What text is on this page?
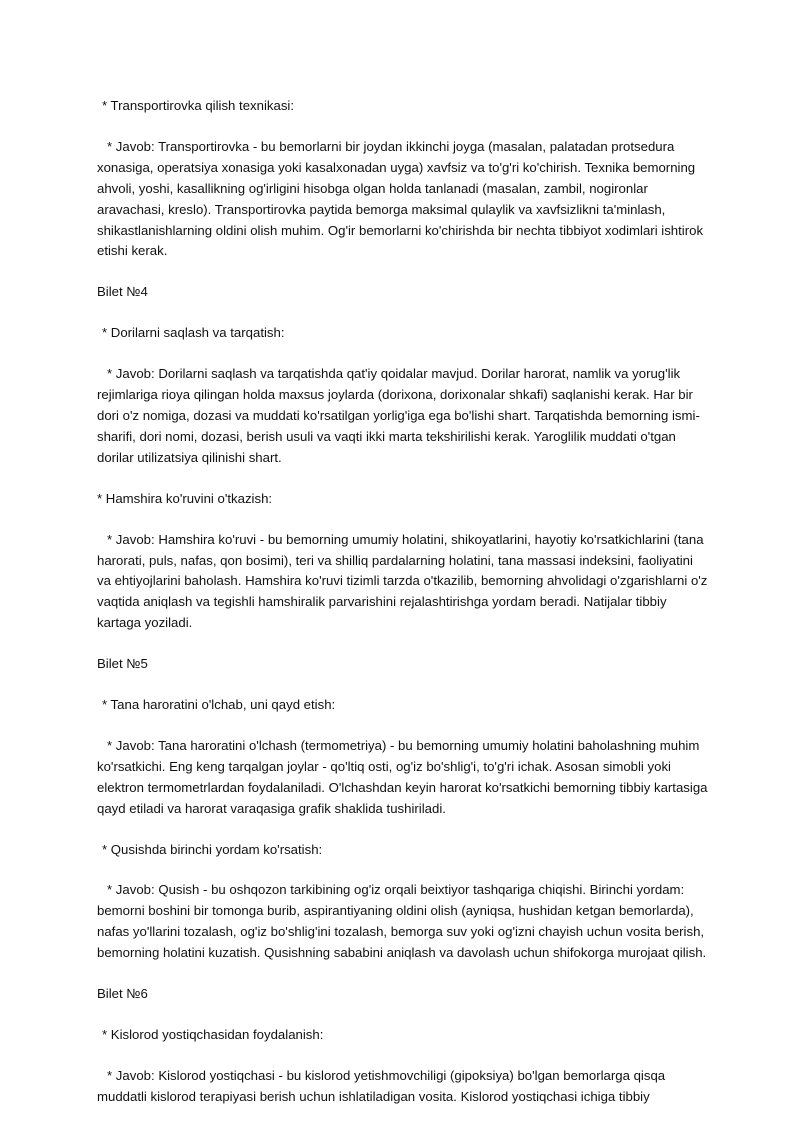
* Transportirovka qilish texnikasi:

* Javob: Transportirovka - bu bemorlarni bir joydan ikkinchi joyga (masalan, palatadan protsedura xonasiga, operatsiya xonasiga yoki kasalxonadan uyga) xavfsiz va to'g'ri ko'chirish. Texnika bemorning ahvoli, yoshi, kasallikning og'irligini hisobga olgan holda tanlanadi (masalan, zambil, nogironlar aravachasi, kreslo). Transportirovka paytida bemorga maksimal qulaylik va xavfsizlikni ta'minlash, shikastlanishlarning oldini olish muhim. Og'ir bemorlarni ko'chirishda bir nechta tibbiyot xodimlari ishtirok etishi kerak.

Bilet №4

* Dorilarni saqlash va tarqatish:

* Javob: Dorilarni saqlash va tarqatishda qat'iy qoidalar mavjud. Dorilar harorat, namlik va yorug'lik rejimlariga rioya qilingan holda maxsus joylarda (dorixona, dorixonalar shkafi) saqlanishi kerak. Har bir dori o'z nomiga, dozasi va muddati ko'rsatilgan yorlig'iga ega bo'lishi shart. Tarqatishda bemorning ismi-sharifi, dori nomi, dozasi, berish usuli va vaqti ikki marta tekshirilishi kerak. Yaroglilik muddati o'tgan dorilar utilizatsiya qilinishi shart.

* Hamshira ko'ruvini o'tkazish:

* Javob: Hamshira ko'ruvi - bu bemorning umumiy holatini, shikoyatlarini, hayotiy ko'rsatkichlarini (tana harorati, puls, nafas, qon bosimi), teri va shilliq pardalarning holatini, tana massasi indeksini, faoliyatini va ehtiyojlarini baholash. Hamshira ko'ruvi tizimli tarzda o'tkazilib, bemorning ahvolidagi o'zgarishlarni o'z vaqtida aniqlash va tegishli hamshiralik parvarishini rejalashtirishga yordam beradi. Natijalar tibbiy kartaga yoziladi.

Bilet №5

* Tana haroratini o'lchab, uni qayd etish:

* Javob: Tana haroratini o'lchash (termometriya) - bu bemorning umumiy holatini baholashning muhim ko'rsatkichi. Eng keng tarqalgan joylar - qo'ltiq osti, og'iz bo'shlig'i, to'g'ri ichak. Asosan simobli yoki elektron termometrlardan foydalaniladi. O'lchashdan keyin harorat ko'rsatkichi bemorning tibbiy kartasiga qayd etiladi va harorat varaqasiga grafik shaklida tushiriladi.

* Qusishda birinchi yordam ko'rsatish:

* Javob: Qusish - bu oshqozon tarkibining og'iz orqali beixtiyor tashqariga chiqishi. Birinchi yordam: bemorni boshini bir tomonga burib, aspirantiyaning oldini olish (ayniqsa, hushidan ketgan bemorlarda), nafas yo'llarini tozalash, og'iz bo'shlig'ini tozalash, bemorga suv yoki og'izni chayish uchun vosita berish, bemorning holatini kuzatish. Qusishning sababini aniqlash va davolash uchun shifokorga murojaat qilish.

Bilet №6

* Kislorod yostiqchasidan foydalanish:

* Javob: Kislorod yostiqchasi - bu kislorod yetishmovchiligi (gipoksiya) bo'lgan bemorlarga qisqa muddatli kislorod terapiyasi berish uchun ishlatiladigan vosita. Kislorod yostiqchasi ichiga tibbiy
